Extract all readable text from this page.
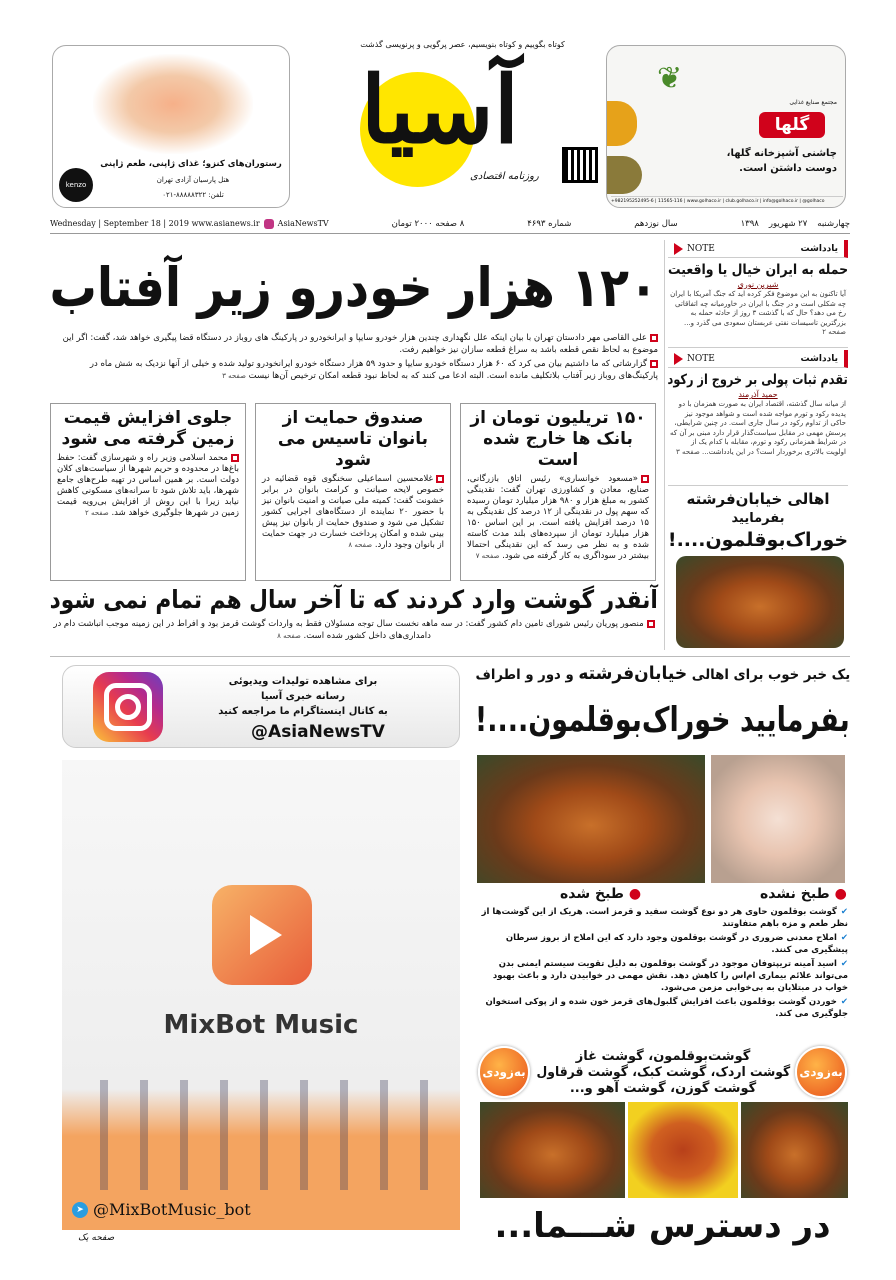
kenzo
رستوران‌های کنزو؛ غذای ژاپنی، طعم ژاپنی
هتل پارسیان آزادی تهران
تلفن: ۸۸۸۸۸۳۲۲-۰۲۱
کوتاه بگوییم و کوتاه بنویسیم، عصر پرگویی و پرنویسی گذشت
آسیا
روزنامه اقتصادی
❦
مجتمع صنایع غذایی
گلها
چاشنی آشپزخانه گلها، دوست داشتن است.
+982195252495-6 | 11565-116 | www.golhaco.ir | club.golhaco.ir | info@golhaco.ir | @golhaco
Wednesday | September 18 | 2019 www.asianews.ir AsiaNewsTV	۸ صفحه ۲۰۰۰ تومان	شماره ۴۶۹۳	سال نوزدهم	۱۳۹۸ ۲۷ شهریور چهارشنبه
۱۲۰ هزار خودرو زیر آفتاب

علی القاصی مهر دادستان تهران با بیان اینکه علل نگهداری چندین هزار خودرو سایپا و ایرانخودرو در پارکینگ های روباز در دستگاه قضا پیگیری خواهد شد، گفت: اگر این موضوع به لحاظ نقص قطعه باشد به سراغ قطعه سازان نیز خواهیم رفت.

گزارشاتی که ما داشتیم بیان می کرد که ۶۰ هزار دستگاه خودرو سایپا و حدود ۵۹ هزار دستگاه خودرو ایرانخودرو تولید شده و خیلی از آنها نزدیک به شش ماه در پارکینگ‌های روباز زیر آفتاب بلاتکلیف مانده است. البته ادعا می کنند که به لحاظ نبود قطعه امکان ترخیص آن‌ها نیست صفحه ۳

۱۵۰ تریلیون تومان از بانک ها خارج شده است

«مسعود خوانساری» رئیس اتاق بازرگانی، صنایع، معادن و کشاورزی تهران گفت: نقدینگی کشور به مبلغ هزار و ۹۸۰ هزار میلیارد تومان رسیده که سهم پول در نقدینگی از ۱۲ درصد کل نقدینگی به ۱۵ درصد افزایش یافته است. بر این اساس ۱۵۰ هزار میلیارد تومان از سپرده‌های بلند مدت کاسته شده و به نظر می رسد که این نقدینگی احتمالا بیشتر در سوداگری به کار گرفته می شود. صفحه ۷

صندوق حمایت از بانوان تاسیس می شود

غلامحسین اسماعیلی سخنگوی قوه قضائیه در خصوص لایحه صیانت و کرامت بانوان در برابر خشونت گفت: کمیته ملی صیانت و امنیت بانوان نیز با حضور ۲۰ نماینده از دستگاه‌های اجرایی کشور تشکیل می شود و صندوق حمایت از بانوان نیز پیش بینی شده و امکان پرداخت خسارت در جهت حمایت از بانوان وجود دارد. صفحه ۸

جلوی افزایش قیمت زمین گرفته می شود

محمد اسلامی وزیر راه و شهرسازی گفت: حفظ باغ‌ها در محدوده و حریم شهرها از سیاست‌های کلان دولت است. بر همین اساس در تهیه طرح‌های جامع شهرها، باید تلاش شود تا سرانه‌های مسکونی کاهش نیابد زیرا با این روش از افزایش بی‌رویه قیمت زمین در شهرها جلوگیری خواهد شد. صفحه ۲

آنقدر گوشت وارد کردند که تا آخر سال هم تمام نمی شود
منصور پوریان رئیس شورای تامین دام کشور گفت: در سه ماهه نخست سال توجه مسئولان فقط به واردات گوشت قرمز بود و افراط در این زمینه موجب انباشت دام در دامداری‌های داخل کشور شده است. صفحه ۸
یادداشت
NOTE
حمله به ایران خیال یا واقعیت
شیرین نوری

آیا تاکنون به این موضوع فکر کرده اید که جنگ آمریکا با ایران چه شکلی است و در جنگ با ایران در خاورمیانه چه اتفاقاتی رخ می دهد؟ حال که با گذشت ۳ روز از حادثه حمله به بزرگترین تاسیسات نفتی عربستان سعودی می گذرد و... صفحه ۲

یادداشت
NOTE
تقدم ثبات پولی بر خروج از رکود
حمید آذرمند

از میانه سال گذشته، اقتصاد ایران به صورت همزمان با دو پدیده رکود و تورم مواجه شده است و شواهد موجود نیز حاکی از تداوم رکود در سال جاری است. در چنین شرایطی، پرسش مهمی در مقابل سیاست‌گذار قرار دارد مبنی بر آن که در شرایط همزمانی رکود و تورم، مقابله با کدام یک از اولویت بالاتری برخوردار است؟ در این یادداشت... صفحه ۳

اهالی خیابان‌فرشته
بفرمایید
خوراک‌بوقلمون....!
برای مشاهده تولیدات ویدیوئی
رسانه خبری آسیا
به کانال اینستاگرام ما مراجعه کنید
@AsiaNewsTV
MixBot Music
➤ @MixBotMusic_bot
صفحه یک
یک خبر خوب برای اهالی خیابان‌فرشته و دور و اطراف
بفرمایید خوراک‌بوقلمون....!
● طبخ شده	● طبخ نشده

✔گوشت بوقلمون حاوی هر دو نوع گوشت سفید و قرمز است. هریک از این گوشت‌ها از نظر طعم و مزه باهم متفاوتند

✔املاح معدنی ضروری در گوشت بوقلمون وجود دارد که این املاح از بروز سرطان پیشگیری می کنند.

✔اسید آمینه تریپتوفان موجود در گوشت بوقلمون به دلیل تقویت سیستم ایمنی بدن می‌تواند علائم بیماری ام‌اس را کاهش دهد. نقش مهمی در خوابیدن دارد و باعث بهبود خواب در مبتلایان به بی‌خوابی مزمن می‌شود.

✔خوردن گوشت بوقلمون باعث افزایش گلبول‌های قرمز خون شده و از پوکی استخوان جلوگیری می کند.

به‌زودی	به‌زودی
گوشت‌بوقلمون، گوشت غاز
گوشت اردک، گوشت کبک، گوشت قرقاول
گوشت گوزن، گوشت آهو و...
در دسترس شـــما...
